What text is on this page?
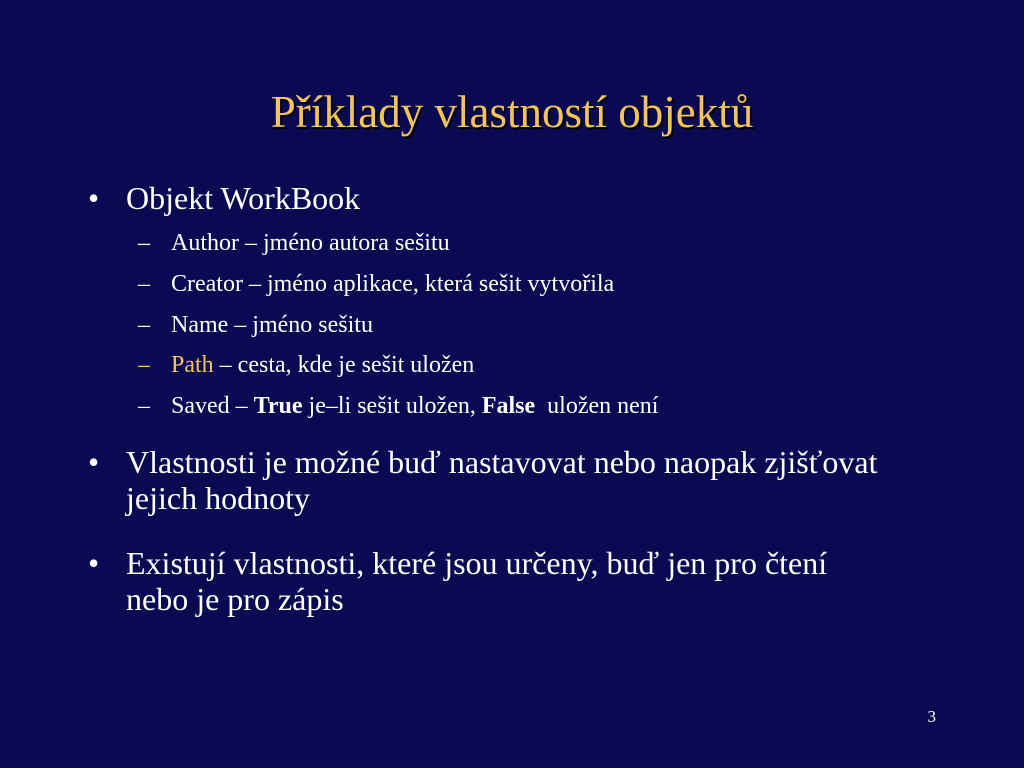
Příklady vlastností objektů
• Objekt WorkBook
– Author – jméno autora sešitu
– Creator – jméno aplikace, která sešit vytvořila
– Name – jméno sešitu
– Path – cesta, kde je sešit uložen
– Saved – True je–li sešit uložen, False  uložen není
• Vlastnosti je možné buď nastavovat nebo naopak zjišťovat
jejich hodnoty
• Existují vlastnosti, které jsou určeny, buď jen pro čtení
nebo je pro zápis
3
